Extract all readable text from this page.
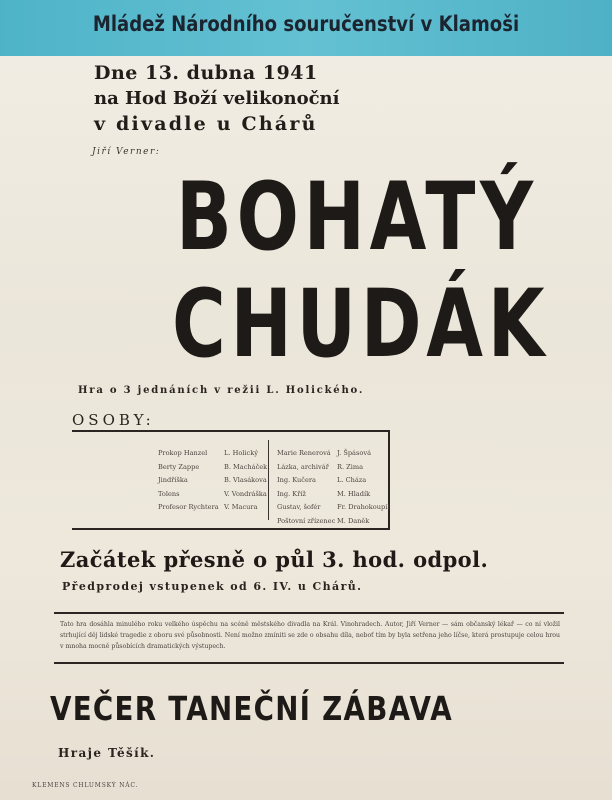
Mládež Národního souručenství v Klamoši
Dne 13. dubna 1941
na Hod Boží velikonoční
v divadle u Chárů
Jiří Verner:
BOHATÝ
CHUDÁK
Hra o 3 jednáních v režii L. Holického.
OSOBY:
Prokop Hanzel	L. Holický
Berty Zappe	B. Macháček
Jindříška	B. Vlasákova
Tolens	V. Vondráška
Profesor Rychtera V. Macura
Marie Renerová J. Špásová
Lázka, archivář	R. Zima
Ing. Kučera	L. Cháza
Ing. Kříž	M. Hladík
Gustav, šofér	Fr. Drahokoupil
Poštovní zřízenec M. Daněk
Začátek přesně o půl 3. hod. odpol.
Předprodej vstupenek od 6. IV. u Chárů.
Tato hra dosáhla minulého roku velkého úspěchu na scéně městského divadla na Král. Vinohradech. Autor, Jiří Verner — sám občanský lékař — co ní vložil strhující děj lidské tragedie z oboru své působnosti. Není možno zmíniti se zde o obsahu díla, neboť tím by byla setřena jeho líčse, která prostupuje celou hrou v mnoha mocně působících dramatických výstupech.
VEČER TANEČNÍ ZÁBAVA
Hraje Těšík.
KLEMENS CHLUMSKÝ NÁC.
